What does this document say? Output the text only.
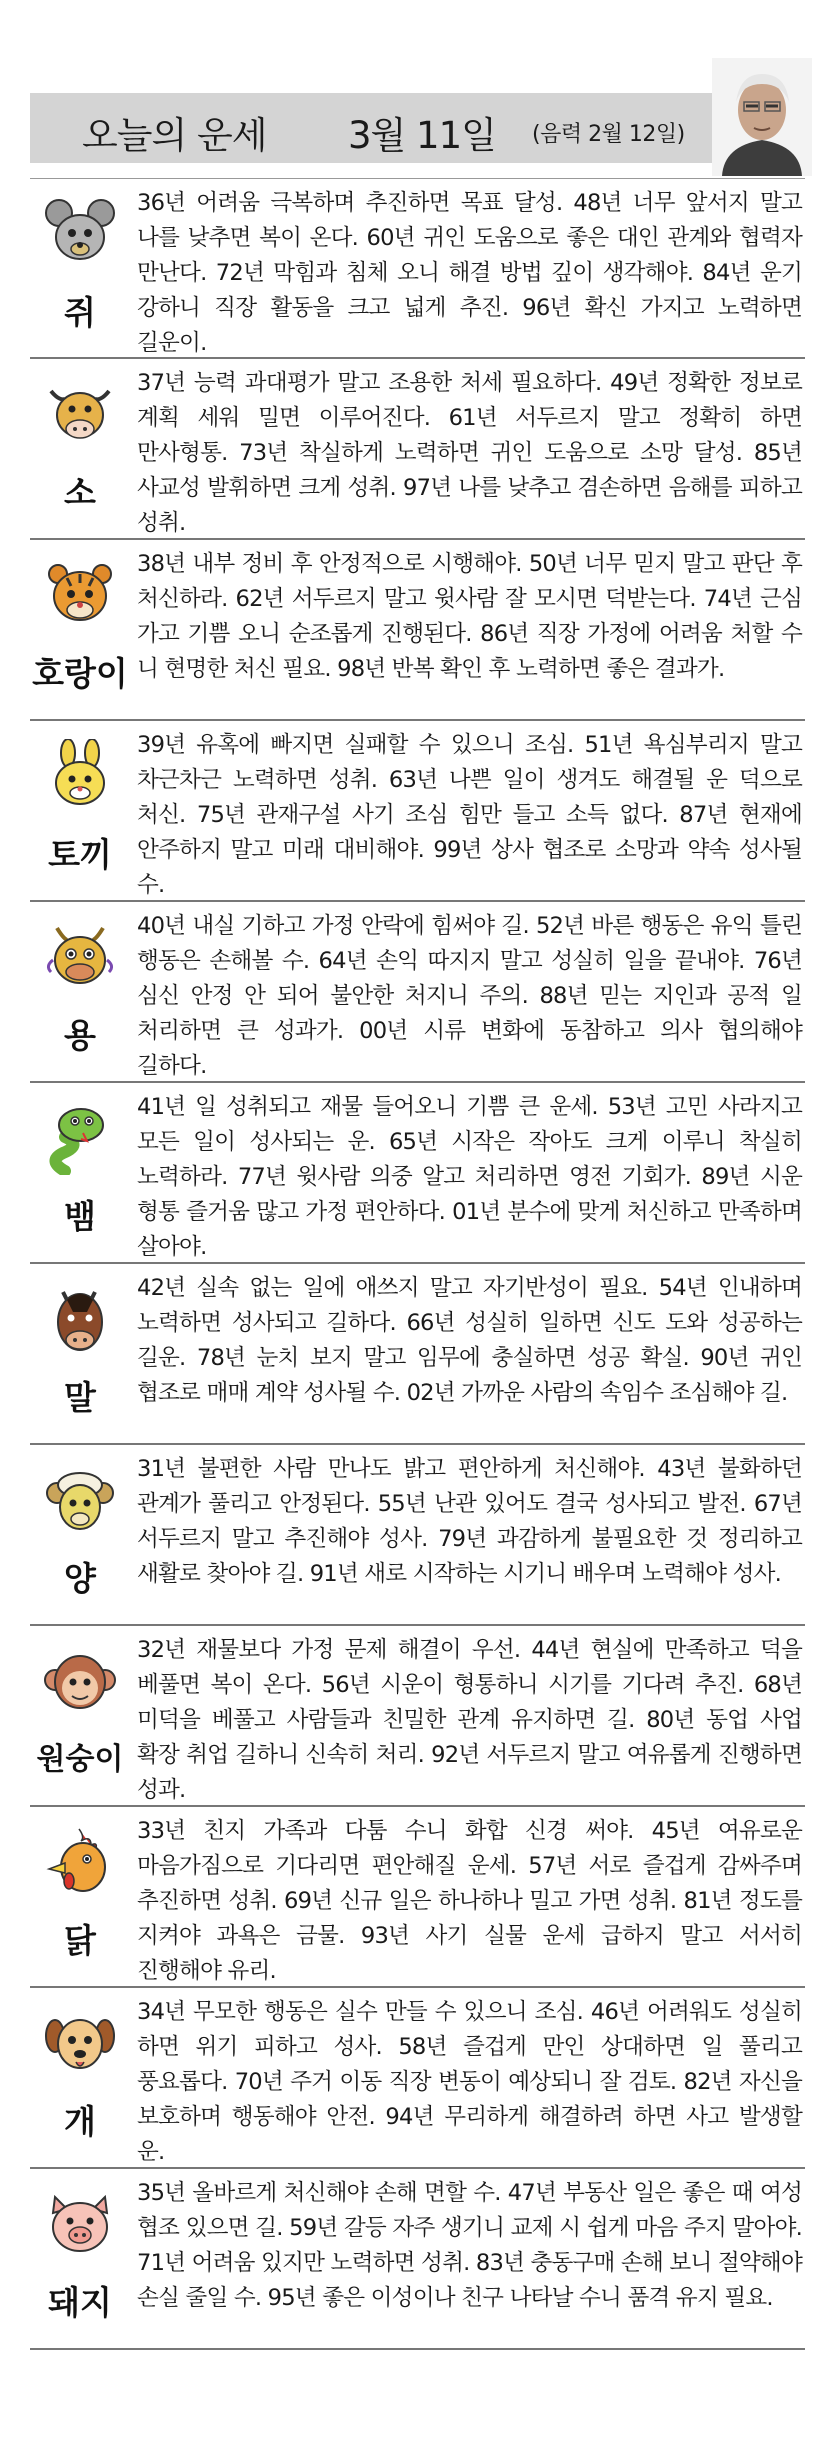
오늘의 운세 3월 11일 (음력 2월 12일)
쥐
36년 어려움 극복하며 추진하면 목표 달성. 48년 너무 앞서지 말고 나를 낮추면 복이 온다. 60년 귀인 도움으로 좋은 대인 관계와 협력자 만난다. 72년 막힘과 침체 오니 해결 방법 깊이 생각해야. 84년 운기 강하니 직장 활동을 크고 넓게 추진. 96년 확신 가지고 노력하면 길운이.
소
37년 능력 과대평가 말고 조용한 처세 필요하다. 49년 정확한 정보로 계획 세워 밀면 이루어진다. 61년 서두르지 말고 정확히 하면 만사형통. 73년 착실하게 노력하면 귀인 도움으로 소망 달성. 85년 사교성 발휘하면 크게 성취. 97년 나를 낮추고 겸손하면 음해를 피하고 성취.
호랑이
38년 내부 정비 후 안정적으로 시행해야. 50년 너무 믿지 말고 판단 후 처신하라. 62년 서두르지 말고 윗사람 잘 모시면 덕받는다. 74년 근심 가고 기쁨 오니 순조롭게 진행된다. 86년 직장 가정에 어려움 처할 수 니 현명한 처신 필요. 98년 반복 확인 후 노력하면 좋은 결과가.
토끼
39년 유혹에 빠지면 실패할 수 있으니 조심. 51년 욕심부리지 말고 차근차근 노력하면 성취. 63년 나쁜 일이 생겨도 해결될 운 덕으로 처신. 75년 관재구설 사기 조심 힘만 들고 소득 없다. 87년 현재에 안주하지 말고 미래 대비해야. 99년 상사 협조로 소망과 약속 성사될 수.
용
40년 내실 기하고 가정 안락에 힘써야 길. 52년 바른 행동은 유익 틀린 행동은 손해볼 수. 64년 손익 따지지 말고 성실히 일을 끝내야. 76년 심신 안정 안 되어 불안한 처지니 주의. 88년 믿는 지인과 공적 일 처리하면 큰 성과가. 00년 시류 변화에 동참하고 의사 협의해야 길하다.
뱀
41년 일 성취되고 재물 들어오니 기쁨 큰 운세. 53년 고민 사라지고 모든 일이 성사되는 운. 65년 시작은 작아도 크게 이루니 착실히 노력하라. 77년 윗사람 의중 알고 처리하면 영전 기회가. 89년 시운 형통 즐거움 많고 가정 편안하다. 01년 분수에 맞게 처신하고 만족하며 살아야.
말
42년 실속 없는 일에 애쓰지 말고 자기반성이 필요. 54년 인내하며 노력하면 성사되고 길하다. 66년 성실히 일하면 신도 도와 성공하는 길운. 78년 눈치 보지 말고 임무에 충실하면 성공 확실. 90년 귀인 협조로 매매 계약 성사될 수. 02년 가까운 사람의 속임수 조심해야 길.
양
31년 불편한 사람 만나도 밝고 편안하게 처신해야. 43년 불화하던 관계가 풀리고 안정된다. 55년 난관 있어도 결국 성사되고 발전. 67년 서두르지 말고 추진해야 성사. 79년 과감하게 불필요한 것 정리하고 새활로 찾아야 길. 91년 새로 시작하는 시기니 배우며 노력해야 성사.
원숭이
32년 재물보다 가정 문제 해결이 우선. 44년 현실에 만족하고 덕을 베풀면 복이 온다. 56년 시운이 형통하니 시기를 기다려 추진. 68년 미덕을 베풀고 사람들과 친밀한 관계 유지하면 길. 80년 동업 사업 확장 취업 길하니 신속히 처리. 92년 서두르지 말고 여유롭게 진행하면 성과.
닭
33년 친지 가족과 다툼 수니 화합 신경 써야. 45년 여유로운 마음가짐으로 기다리면 편안해질 운세. 57년 서로 즐겁게 감싸주며 추진하면 성취. 69년 신규 일은 하나하나 밀고 가면 성취. 81년 정도를 지켜야 과욕은 금물. 93년 사기 실물 운세 급하지 말고 서서히 진행해야 유리.
개
34년 무모한 행동은 실수 만들 수 있으니 조심. 46년 어려워도 성실히 하면 위기 피하고 성사. 58년 즐겁게 만인 상대하면 일 풀리고 풍요롭다. 70년 주거 이동 직장 변동이 예상되니 잘 검토. 82년 자신을 보호하며 행동해야 안전. 94년 무리하게 해결하려 하면 사고 발생할 운.
돼지
35년 올바르게 처신해야 손해 면할 수. 47년 부동산 일은 좋은 때 여성 협조 있으면 길. 59년 갈등 자주 생기니 교제 시 쉽게 마음 주지 말아야. 71년 어려움 있지만 노력하면 성취. 83년 충동구매 손해 보니 절약해야 손실 줄일 수. 95년 좋은 이성이나 친구 나타날 수니 품격 유지 필요.
